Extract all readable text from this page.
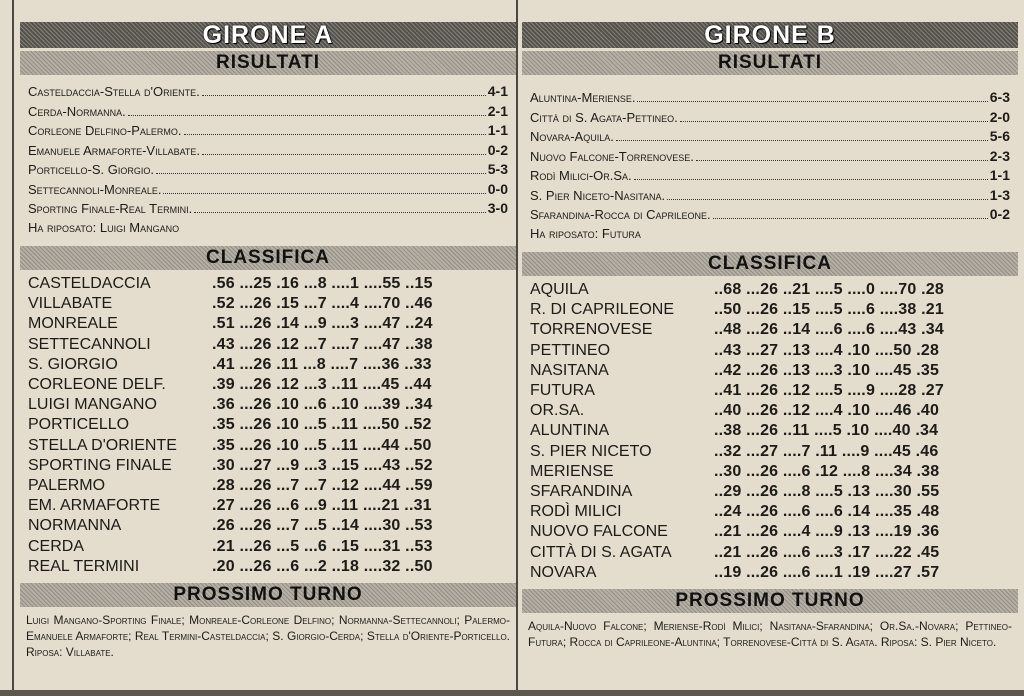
GIRONE A
RISULTATI
Casteldaccia-Stella d'Oriente.	4-1
Cerda-Normanna.	2-1
Corleone Delfino-Palermo.	1-1
Emanuele Armaforte-Villabate.	0-2
Porticello-S. Giorgio.	5-3
Settecannoli-Monreale.	0-0
Sporting Finale-Real Termini.	3-0
Ha riposato: Luigi Mangano
CLASSIFICA
CASTELDACCIA	.56 ...25 .16 ...8 ....1 ....55 ..15
VILLABATE	.52 ...26 .15 ...7 ....4 ....70 ..46
MONREALE	.51 ...26 .14 ...9 ....3 ....47 ..24
SETTECANNOLI	.43 ...26 .12 ...7 ....7 ....47 ..38
S. GIORGIO	.41 ...26 .11 ...8 ....7 ....36 ..33
CORLEONE DELF.	.39 ...26 .12 ...3 ..11 ....45 ..44
LUIGI MANGANO	.36 ...26 .10 ...6 ..10 ....39 ..34
PORTICELLO	.35 ...26 .10 ...5 ..11 ....50 ..52
STELLA D'ORIENTE	.35 ...26 .10 ...5 ..11 ....44 ..50
SPORTING FINALE	.30 ...27 ...9 ...3 ..15 ....43 ..52
PALERMO	.28 ...26 ...7 ...7 ..12 ....44 ..59
EM. ARMAFORTE	.27 ...26 ...6 ...9 ..11 ....21 ..31
NORMANNA	.26 ...26 ...7 ...5 ..14 ....30 ..53
CERDA	.21 ...26 ...5 ...6 ..15 ....31 ..53
REAL TERMINI	.20 ...26 ...6 ...2 ..18 ....32 ..50
PROSSIMO TURNO
Luigi Mangano-Sporting Finale; Monreale-Corleone Delfino; Normanna-Settecannoli; Palermo-Emanuele Armaforte; Real Termini-Casteldaccia; S. Giorgio-Cerda; Stella d'Oriente-Porticello. Riposa: Villabate.
GIRONE B
RISULTATI
Aluntina-Meriense.	6-3
Città di S. Agata-Pettineo.	2-0
Novara-Aquila.	5-6
Nuovo Falcone-Torrenovese.	2-3
Rodì Milici-Or.Sa.	1-1
S. Pier Niceto-Nasitana.	1-3
Sfarandina-Rocca di Caprileone.	0-2
Ha riposato: Futura
CLASSIFICA
AQUILA	..68 ...26 ..21 ....5 ....0 ....70 .28
R. DI CAPRILEONE	..50 ...26 ..15 ....5 ....6 ....38 .21
TORRENOVESE	..48 ...26 ..14 ....6 ....6 ....43 .34
PETTINEO	..43 ...27 ..13 ....4 .10 ....50 .28
NASITANA	..42 ...26 ..13 ....3 .10 ....45 .35
FUTURA	..41 ...26 ..12 ....5 ....9 ....28 .27
OR.SA.	..40 ...26 ..12 ....4 .10 ....46 .40
ALUNTINA	..38 ...26 ..11 ....5 .10 ....40 .34
S. PIER NICETO	..32 ...27 ....7 .11 ....9 ....45 .46
MERIENSE	..30 ...26 ....6 .12 ....8 ....34 .38
SFARANDINA	..29 ...26 ....8 ....5 .13 ....30 .55
RODÌ MILICI	..24 ...26 ....6 ....6 .14 ....35 .48
NUOVO FALCONE	..21 ...26 ....4 ....9 .13 ....19 .36
CITTÀ DI S. AGATA	..21 ...26 ....6 ....3 .17 ....22 .45
NOVARA	..19 ...26 ....6 ....1 .19 ....27 .57
PROSSIMO TURNO
Aquila-Nuovo Falcone; Meriense-Rodì Milici; Nasitana-Sfarandina; Or.Sa.-Novara; Pettineo-Futura; Rocca di Caprileone-Aluntina; Torrenovese-Città di S. Agata. Riposa: S. Pier Niceto.
